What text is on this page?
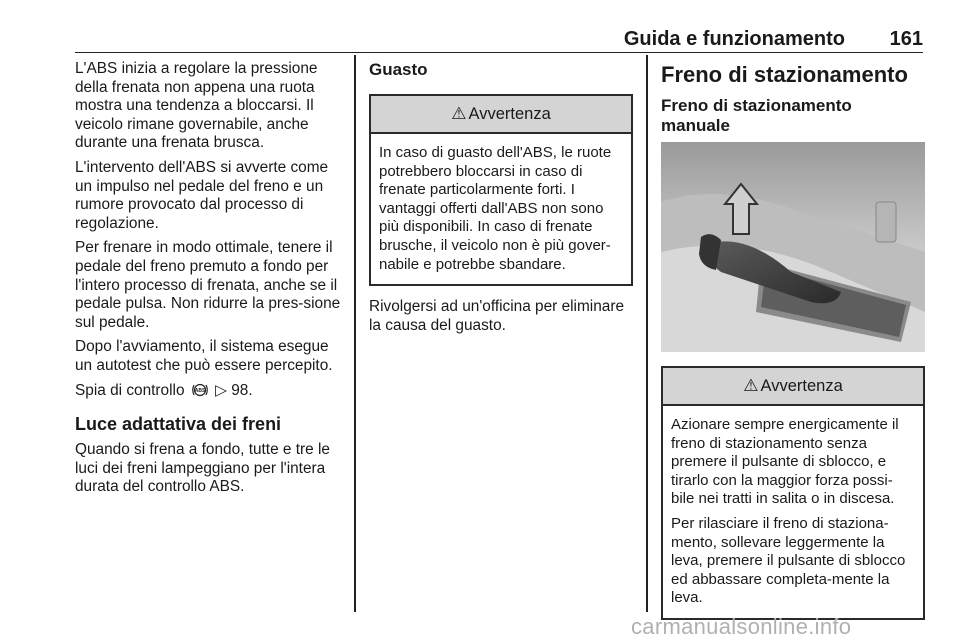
Guida e funzionamento 161

L'ABS inizia a regolare la pressione della frenata non appena una ruota mostra una tendenza a bloccarsi. Il veicolo rimane governabile, anche durante una frenata brusca.

L'intervento dell'ABS si avverte come un impulso nel pedale del freno e un rumore provocato dal processo di regolazione.

Per frenare in modo ottimale, tenere il pedale del freno premuto a fondo per l'intero processo di frenata, anche se il pedale pulsa. Non ridurre la pres-sione sul pedale.

Dopo l'avviamento, il sistema esegue un autotest che può essere percepito.

Spia di controllo ABS ▷ 98.

Luce adattativa dei freni

Quando si frena a fondo, tutte e tre le luci dei freni lampeggiano per l'intera durata del controllo ABS.

Guasto
⚠ Avvertenza

In caso di guasto dell'ABS, le ruote potrebbero bloccarsi in caso di frenate particolarmente forti. I vantaggi offerti dall'ABS non sono più disponibili. In caso di frenate brusche, il veicolo non è più gover-nabile e potrebbe sbandare.

Rivolgersi ad un'officina per eliminare la causa del guasto.

Freno di stazionamento
Freno di stazionamento manuale
⚠ Avvertenza

Azionare sempre energicamente il freno di stazionamento senza premere il pulsante di sblocco, e tirarlo con la maggior forza possi-bile nei tratti in salita o in discesa.

Per rilasciare il freno di staziona-mento, sollevare leggermente la leva, premere il pulsante di sblocco ed abbassare completa-mente la leva.

carmanualsonline.info
